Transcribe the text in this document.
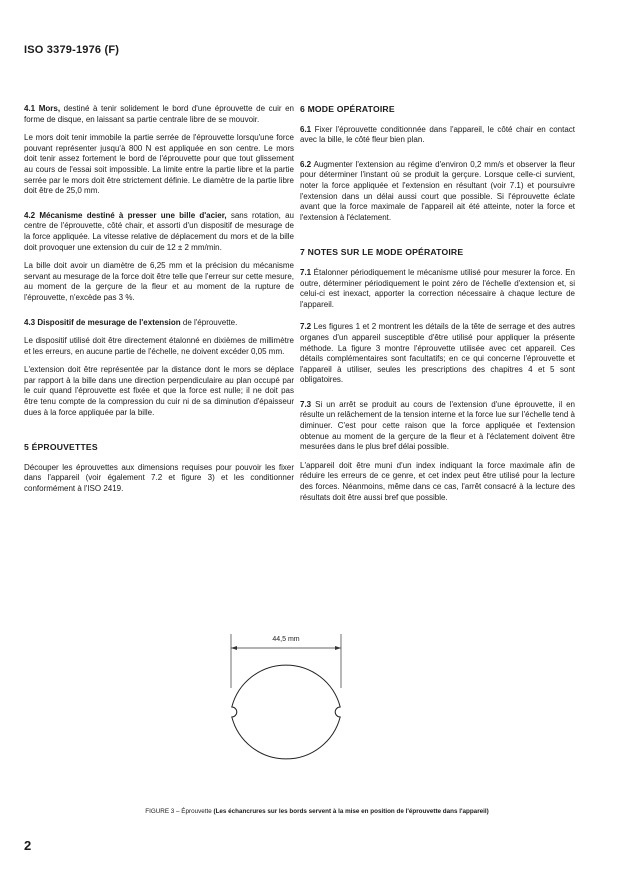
ISO 3379-1976 (F)

4.1 Mors, destiné à tenir solidement le bord d'une éprouvette de cuir en forme de disque, en laissant sa partie centrale libre de se mouvoir.

Le mors doit tenir immobile la partie serrée de l'éprouvette lorsqu'une force pouvant représenter jusqu'à 800 N est appliquée en son centre. Le mors doit tenir assez fortement le bord de l'éprouvette pour que tout glissement au cours de l'essai soit impossible. La limite entre la partie libre et la partie serrée par le mors doit être strictement définie. Le diamètre de la partie libre doit être de 25,0 mm.

4.2 Mécanisme destiné à presser une bille d'acier, sans rotation, au centre de l'éprouvette, côté chair, et assorti d'un dispositif de mesurage de la force appliquée. La vitesse relative de déplacement du mors et de la bille doit provoquer une extension du cuir de 12 ± 2 mm/min.

La bille doit avoir un diamètre de 6,25 mm et la précision du mécanisme servant au mesurage de la force doit être telle que l'erreur sur cette mesure, au moment de la gerçure de la fleur et au moment de la rupture de l'éprouvette, n'excède pas 3 %.

4.3 Dispositif de mesurage de l'extension de l'éprouvette.

Le dispositif utilisé doit être directement étalonné en dixièmes de millimètre et les erreurs, en aucune partie de l'échelle, ne doivent excéder 0,05 mm.

L'extension doit être représentée par la distance dont le mors se déplace par rapport à la bille dans une direction perpendiculaire au plan occupé par le cuir quand l'éprouvette est fixée et que la force est nulle; il ne doit pas être tenu compte de la compression du cuir ni de sa diminution d'épaisseur dues à la force appliquée par la bille.

5 ÉPROUVETTES

Découper les éprouvettes aux dimensions requises pour pouvoir les fixer dans l'appareil (voir également 7.2 et figure 3) et les conditionner conformément à l'ISO 2419.

6 MODE OPÉRATOIRE

6.1 Fixer l'éprouvette conditionnée dans l'appareil, le côté chair en contact avec la bille, le côté fleur bien plan.

6.2 Augmenter l'extension au régime d'environ 0,2 mm/s et observer la fleur pour déterminer l'instant où se produit la gerçure. Lorsque celle-ci survient, noter la force appliquée et l'extension en résultant (voir 7.1) et poursuivre l'extension dans un délai aussi court que possible. Si l'éprouvette éclate avant que la force maximale de l'appareil ait été atteinte, noter la force et l'extension à l'éclatement.

7 NOTES SUR LE MODE OPÉRATOIRE

7.1 Étalonner périodiquement le mécanisme utilisé pour mesurer la force. En outre, déterminer périodiquement le point zéro de l'échelle d'extension et, si celui-ci est inexact, apporter la correction nécessaire à chaque lecture de l'appareil.

7.2 Les figures 1 et 2 montrent les détails de la tête de serrage et des autres organes d'un appareil susceptible d'être utilisé pour appliquer la présente méthode. La figure 3 montre l'éprouvette utilisée avec cet appareil. Ces détails complémentaires sont facultatifs; en ce qui concerne l'éprouvette et l'appareil à utiliser, seules les prescriptions des chapitres 4 et 5 sont obligatoires.

7.3 Si un arrêt se produit au cours de l'extension d'une éprouvette, il en résulte un relâchement de la tension interne et la force lue sur l'échelle tend à diminuer. C'est pour cette raison que la force appliquée et l'extension obtenue au moment de la gerçure de la fleur et à l'éclatement doivent être mesurées dans le plus bref délai possible.

L'appareil doit être muni d'un index indiquant la force maximale afin de réduire les erreurs de ce genre, et cet index peut être utilisé pour la lecture des forces. Néanmoins, même dans ce cas, l'arrêt consacré à la lecture des résultats doit être aussi bref que possible.

44,5 mm
FIGURE 3 – Éprouvette (Les échancrures sur les bords servent à la mise en position de l'éprouvette dans l'appareil)
2
